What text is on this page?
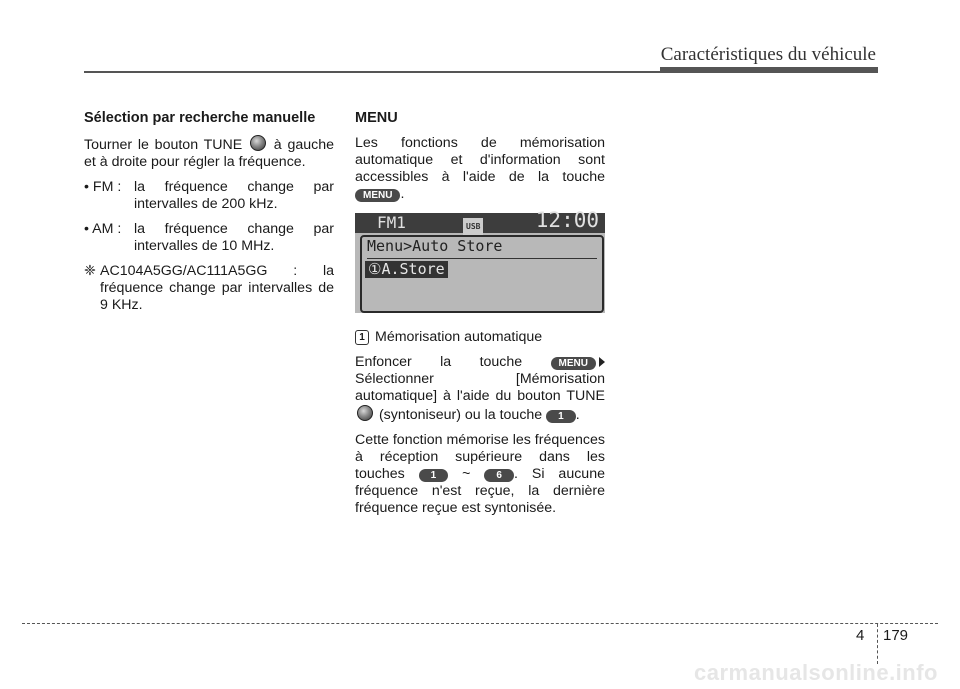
Caractéristiques du véhicule
Sélection par recherche manuelle

Tourner le bouton TUNE à gauche et à droite pour régler la fréquence.

• FM : la fréquence change par intervalles de 200 kHz.
• AM : la fréquence change par intervalles de 10 MHz.
❈ AC104A5GG/AC111A5GG : la fréquence change par intervalles de 9 KHz.
MENU

Les fonctions de mémorisation automatique et d'information sont accessibles à l'aide de la touche MENU .

FM1	USB	12:00
Menu>Auto Store
①A.Store

1 Mémorisation automatique

Enfoncer la touche	MENU Sélectionner [Mémorisation automatique] à l'aide du bouton TUNE  (syntoniseur) ou la touche 1 .

Cette fonction mémorise les fréquences à réception supérieure dans les touches	1 ~	6 . Si aucune fréquence n'est reçue, la dernière fréquence reçue est syntonisée.

4 179
carmanualsonline.info
